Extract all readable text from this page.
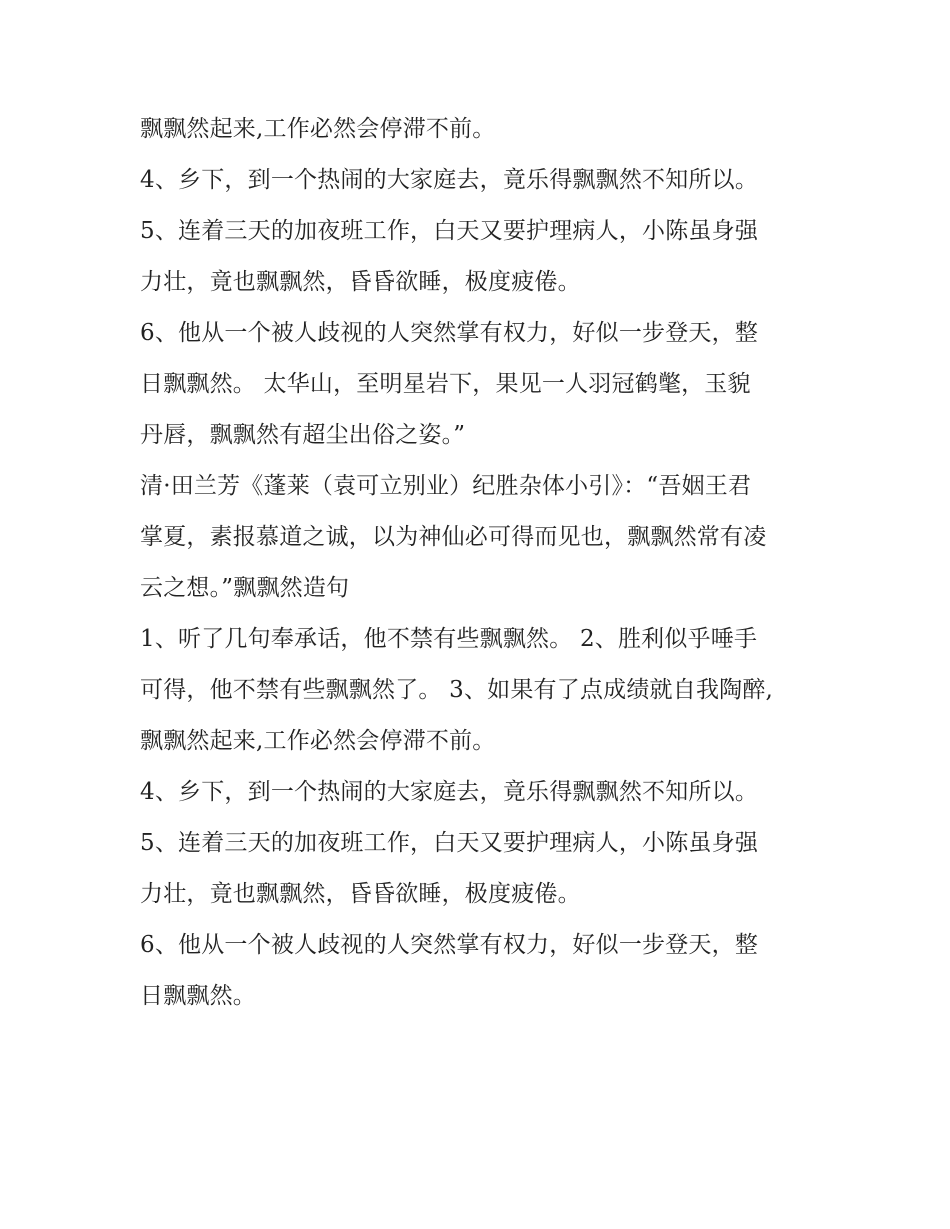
飘飘然起来,工作必然会停滞不前。
4、乡下，到一个热闹的大家庭去，竟乐得飘飘然不知所以。
5、连着三天的加夜班工作，白天又要护理病人，小陈虽身强
力壮，竟也飘飘然，昏昏欲睡，极度疲倦。
6、他从一个被人歧视的人突然掌有权力，好似一步登天，整
日飘飘然。 太华山，至明星岩下，果见一人羽冠鹤氅，玉貌
丹唇，飘飘然有超尘出俗之姿。”
清·田兰芳《蓬莱（袁可立别业）纪胜杂体小引》：“吾姻王君
掌夏，素报慕道之诚，以为神仙必可得而见也，飘飘然常有凌
云之想。”飘飘然造句
1、听了几句奉承话，他不禁有些飘飘然。 2、胜利似乎唾手
可得，他不禁有些飘飘然了。 3、如果有了点成绩就自我陶醉,
飘飘然起来,工作必然会停滞不前。
4、乡下，到一个热闹的大家庭去，竟乐得飘飘然不知所以。
5、连着三天的加夜班工作，白天又要护理病人，小陈虽身强
力壮，竟也飘飘然，昏昏欲睡，极度疲倦。
6、他从一个被人歧视的人突然掌有权力，好似一步登天，整
日飘飘然。
